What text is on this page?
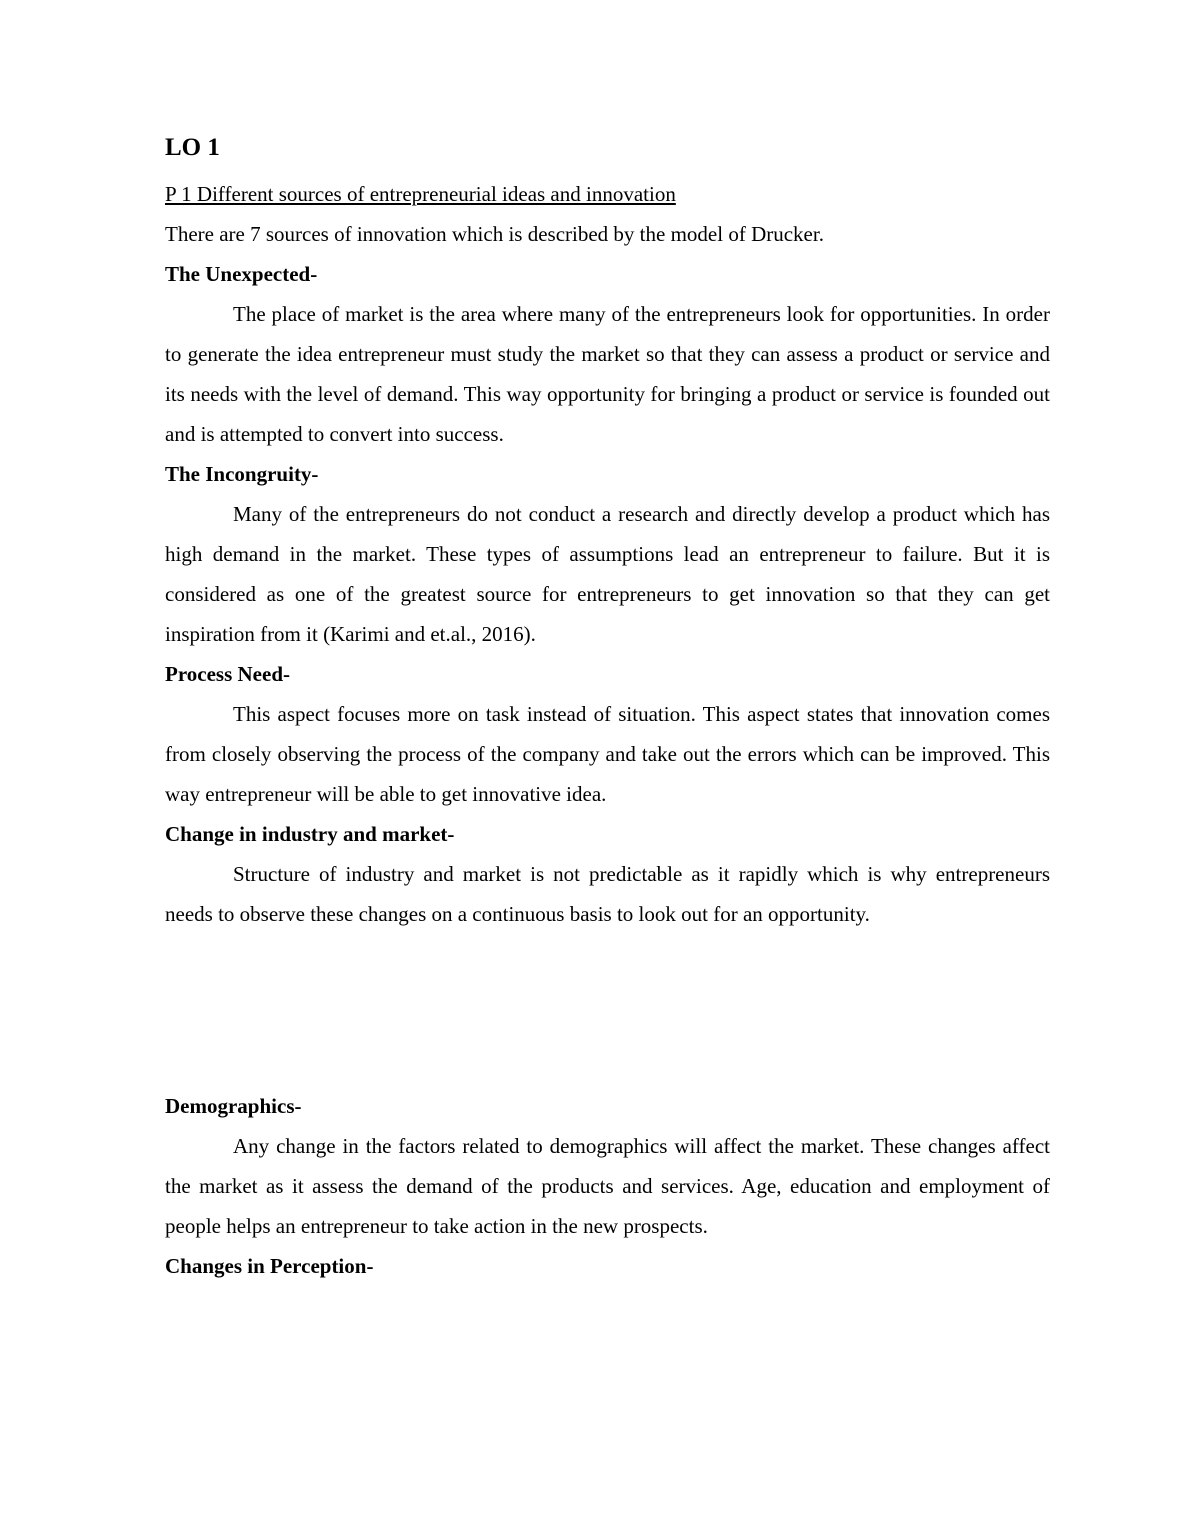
LO 1

P 1 Different sources of entrepreneurial ideas and innovation

There are 7 sources of innovation which is described by the model of Drucker.

The Unexpected-

The place of market is the area where many of the entrepreneurs look for opportunities. In order to generate the idea entrepreneur must study the market so that they can assess a product or service and its needs with the level of demand. This way opportunity for bringing a product or service is founded out and is attempted to convert into success.

The Incongruity-

Many of the entrepreneurs do not conduct a research and directly develop a product which has high demand in the market. These types of assumptions lead an entrepreneur to failure. But it is considered as one of the greatest source for entrepreneurs to get innovation so that they can get inspiration from it (Karimi and et.al., 2016).

Process Need-

This aspect focuses more on task instead of situation. This aspect states that innovation comes from closely observing the process of the company and take out the errors which can be improved. This way entrepreneur will be able to get innovative idea.

Change in industry and market-

Structure of industry and market is not predictable as it rapidly which is why entrepreneurs needs to observe these changes on a continuous basis to look out for an opportunity.

Demographics-

Any change in the factors related to demographics will affect the market. These changes affect the market as it assess the demand of the products and services. Age, education and employment of people helps an entrepreneur to take action in the new prospects.

Changes in Perception-
